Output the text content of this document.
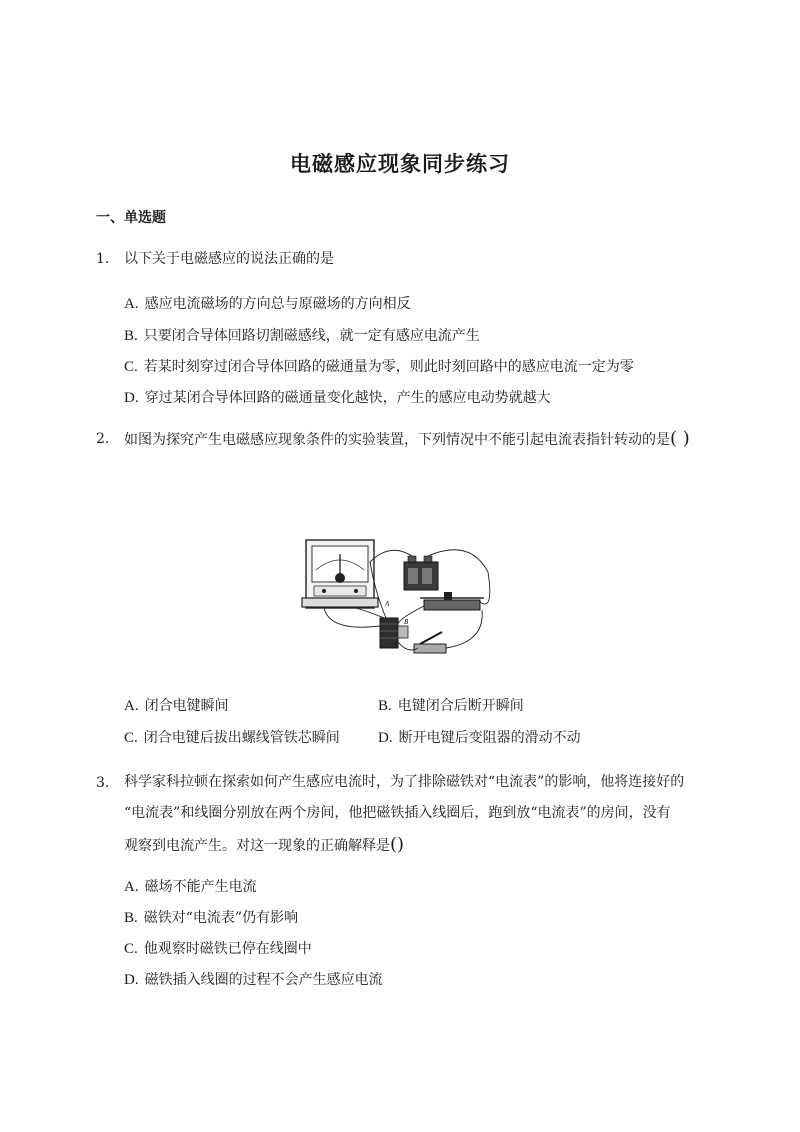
电磁感应现象同步练习
一、单选题
1. 以下关于电磁感应的说法正确的是
A. 感应电流磁场的方向总与原磁场的方向相反
B. 只要闭合导体回路切割磁感线，就一定有感应电流产生
C. 若某时刻穿过闭合导体回路的磁通量为零，则此时刻回路中的感应电流一定为零
D. 穿过某闭合导体回路的磁通量变化越快，产生的感应电动势就越大
2. 如图为探究产生电磁感应现象条件的实验装置，下列情况中不能引起电流表指针转动的是( )
A
B
A. 闭合电键瞬间	B. 电键闭合后断开瞬间
C. 闭合电键后拔出螺线管铁芯瞬间	D. 断开电键后变阻器的滑动不动
3. 科学家科拉顿在探索如何产生感应电流时，为了排除磁铁对“电流表”的影响，他将连接好的
“电流表”和线圈分别放在两个房间，他把磁铁插入线圈后，跑到放“电流表”的房间，没有
观察到电流产生。对这一现象的正确解释是()
A. 磁场不能产生电流
B. 磁铁对“电流表”仍有影响
C. 他观察时磁铁已停在线圈中
D. 磁铁插入线圈的过程不会产生感应电流
